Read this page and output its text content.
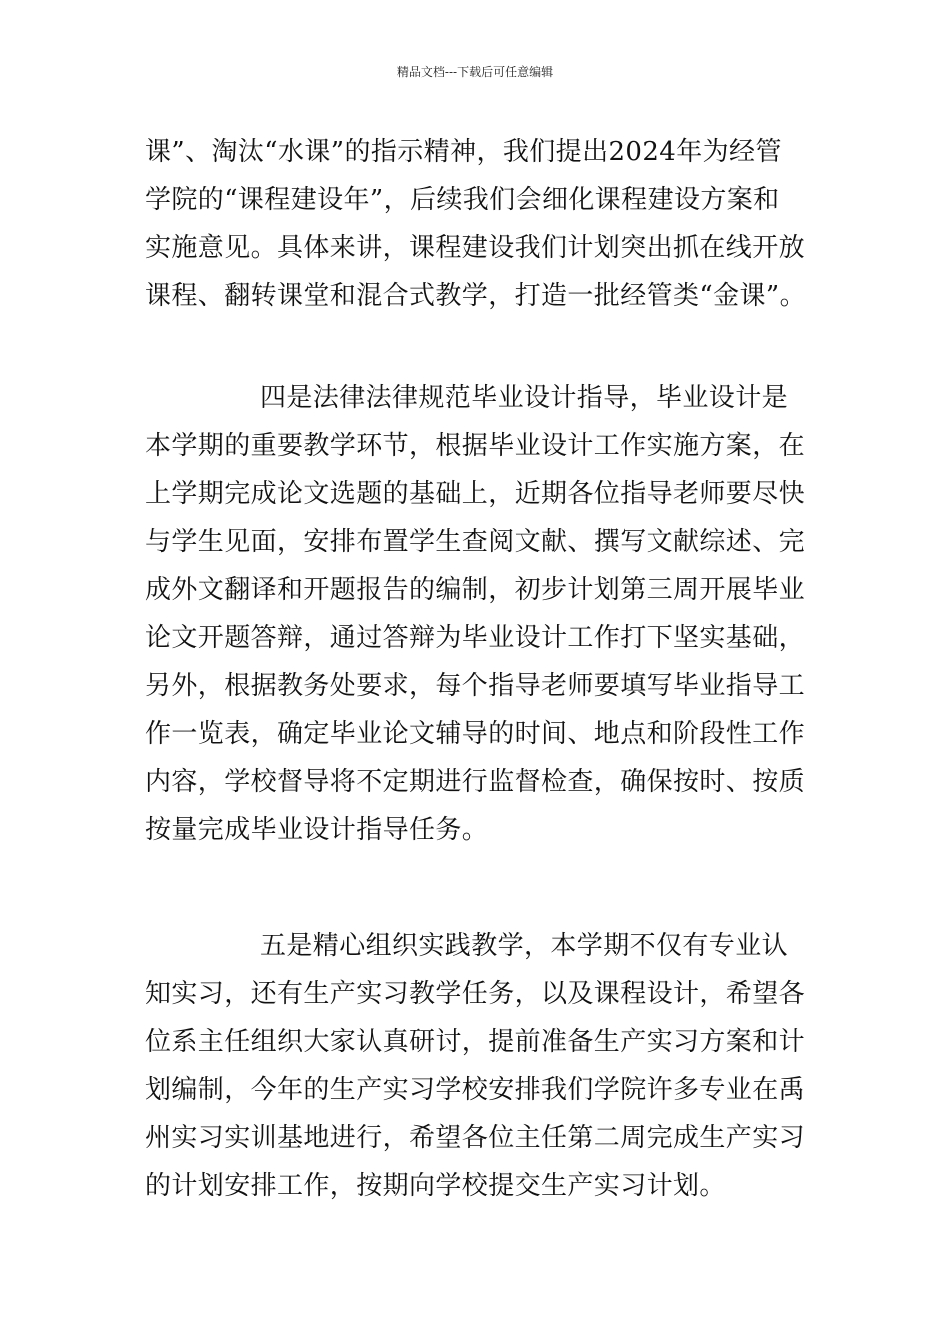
精品文档---下载后可任意编辑
课”、淘汰“水课”的指示精神，我们提出2024年为经管
学院的“课程建设年”，后续我们会细化课程建设方案和
实施意见。具体来讲，课程建设我们计划突出抓在线开放
课程、翻转课堂和混合式教学，打造一批经管类“金课”。
四是法律法律规范毕业设计指导，毕业设计是
本学期的重要教学环节，根据毕业设计工作实施方案，在
上学期完成论文选题的基础上，近期各位指导老师要尽快
与学生见面，安排布置学生查阅文献、撰写文献综述、完
成外文翻译和开题报告的编制，初步计划第三周开展毕业
论文开题答辩，通过答辩为毕业设计工作打下坚实基础，
另外，根据教务处要求，每个指导老师要填写毕业指导工
作一览表，确定毕业论文辅导的时间、地点和阶段性工作
内容，学校督导将不定期进行监督检查，确保按时、按质
按量完成毕业设计指导任务。
五是精心组织实践教学，本学期不仅有专业认
知实习，还有生产实习教学任务，以及课程设计，希望各
位系主任组织大家认真研讨，提前准备生产实习方案和计
划编制，今年的生产实习学校安排我们学院许多专业在禹
州实习实训基地进行，希望各位主任第二周完成生产实习
的计划安排工作，按期向学校提交生产实习计划。
